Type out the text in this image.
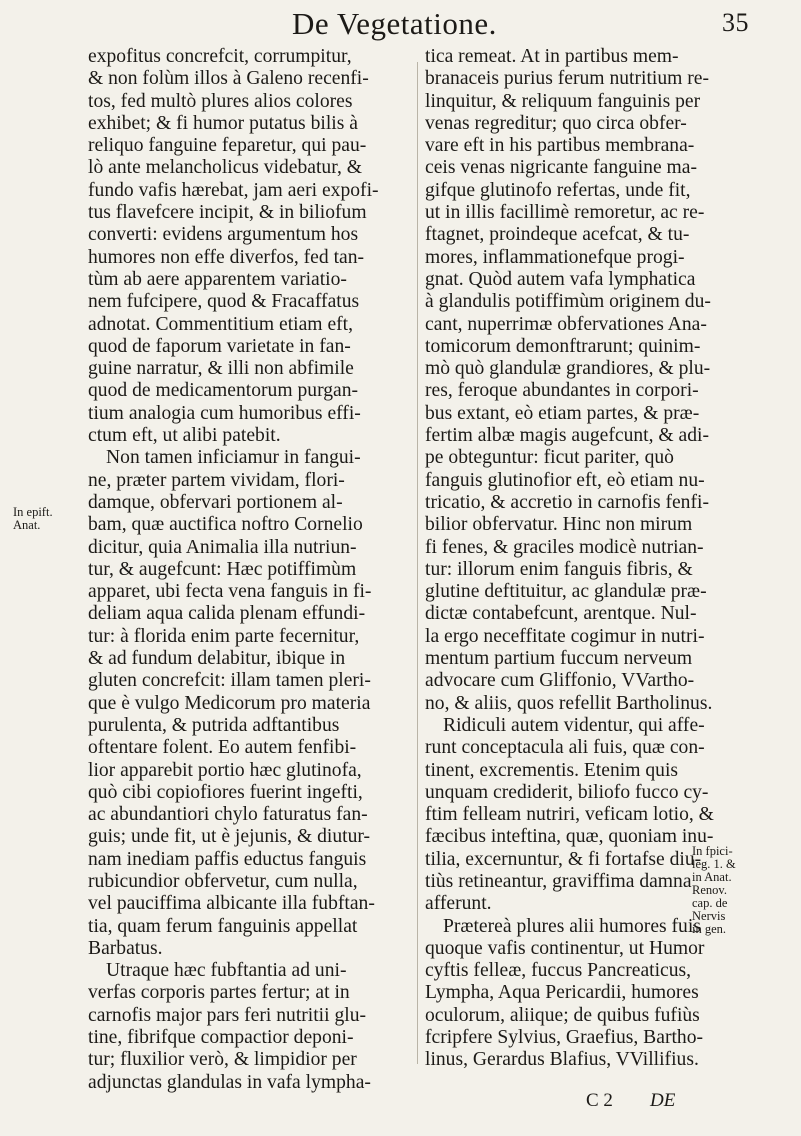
De Vegetatione.	35
expofitus concrefcit, corrumpitur,
& non folùm illos à Galeno recenfi-
tos, fed multò plures alios colores
exhibet; & fi humor putatus bilis à
reliquo fanguine feparetur, qui pau-
lò ante melancholicus videbatur, &
fundo vafis hærebat, jam aeri expofi-
tus flavefcere incipit, & in biliofum
converti: evidens argumentum hos
humores non effe diverfos, fed tan-
tùm ab aere apparentem variatio-
nem fufcipere, quod & Fracaffatus
adnotat. Commentitium etiam eft,
quod de faporum varietate in fan-
guine narratur, & illi non abfimile
quod de medicamentorum purgan-
tium analogia cum humoribus effi-
ctum eft, ut alibi patebit.
Non tamen inficiamur in fangui-
ne, præter partem vividam, flori-
damque, obfervari portionem al-
bam, quæ auctifica noftro Cornelio
dicitur, quia Animalia illa nutriun-
tur, & augefcunt: Hæc potiffimùm
apparet, ubi fecta vena fanguis in fi-
deliam aqua calida plenam effundi-
tur: à florida enim parte fecernitur,
& ad fundum delabitur, ibique in
gluten concrefcit: illam tamen pleri-
que è vulgo Medicorum pro materia
purulenta, & putrida adftantibus
oftentare folent. Eo autem fenfibi-
lior apparebit portio hæc glutinofa,
quò cibi copiofiores fuerint ingefti,
ac abundantiori chylo faturatus fan-
guis; unde fit, ut è jejunis, & diutur-
nam inediam paffis eductus fanguis
rubicundior obfervetur, cum nulla,
vel pauciffima albicante illa fubftan-
tia, quam ferum fanguinis appellat
Barbatus.
Utraque hæc fubftantia ad uni-
verfas corporis partes fertur; at in
carnofis major pars feri nutritii glu-
tine, fibrifque compactior deponi-
tur; fluxilior verò, & limpidior per
adjunctas glandulas in vafa lympha-
tica remeat. At in partibus mem-
branaceis purius ferum nutritium re-
linquitur, & reliquum fanguinis per
venas regreditur; quo circa obfer-
vare eft in his partibus membrana-
ceis venas nigricante fanguine ma-
gifque glutinofo refertas, unde fit,
ut in illis facillimè remoretur, ac re-
ftagnet, proindeque acefcat, & tu-
mores, inflammationefque progi-
gnat. Quòd autem vafa lymphatica
à glandulis potiffimùm originem du-
cant, nuperrimæ obfervationes Ana-
tomicorum demonftrarunt; quinim-
mò quò glandulæ grandiores, & plu-
res, feroque abundantes in corpori-
bus extant, eò etiam partes, & præ-
fertim albæ magis augefcunt, & adi-
pe obteguntur: ficut pariter, quò
fanguis glutinofior eft, eò etiam nu-
tricatio, & accretio in carnofis fenfi-
bilior obfervatur. Hinc non mirum
fi fenes, & graciles modicè nutrian-
tur: illorum enim fanguis fibris, &
glutine deftituitur, ac glandulæ præ-
dictæ contabefcunt, arentque. Nul-
la ergo neceffitate cogimur in nutri-
mentum partium fuccum nerveum
advocare cum Gliffonio, VVartho-
no, & aliis, quos refellit Bartholinus.
Ridiculi autem videntur, qui affe-
runt conceptacula ali fuis, quæ con-
tinent, excrementis. Etenim quis
unquam crediderit, biliofo fucco cy-
ftim felleam nutriri, veficam lotio, &
fæcibus inteftina, quæ, quoniam inu-
tilia, excernuntur, & fi fortafse diu-
tiùs retineantur, graviffima damna
afferunt.
Prætereà plures alii humores fuis
quoque vafis continentur, ut Humor
cyftis felleæ, fuccus Pancreaticus,
Lympha, Aqua Pericardii, humores
oculorum, aliique; de quibus fufiùs
fcripfere Sylvius, Graefius, Bartho-
linus, Gerardus Blafius, VVillifius.
In epift.
Anat.
In fpici-
leg. 1. &
in Anat.
Renov.
cap. de
Nervis
in gen.
C 2 DE
